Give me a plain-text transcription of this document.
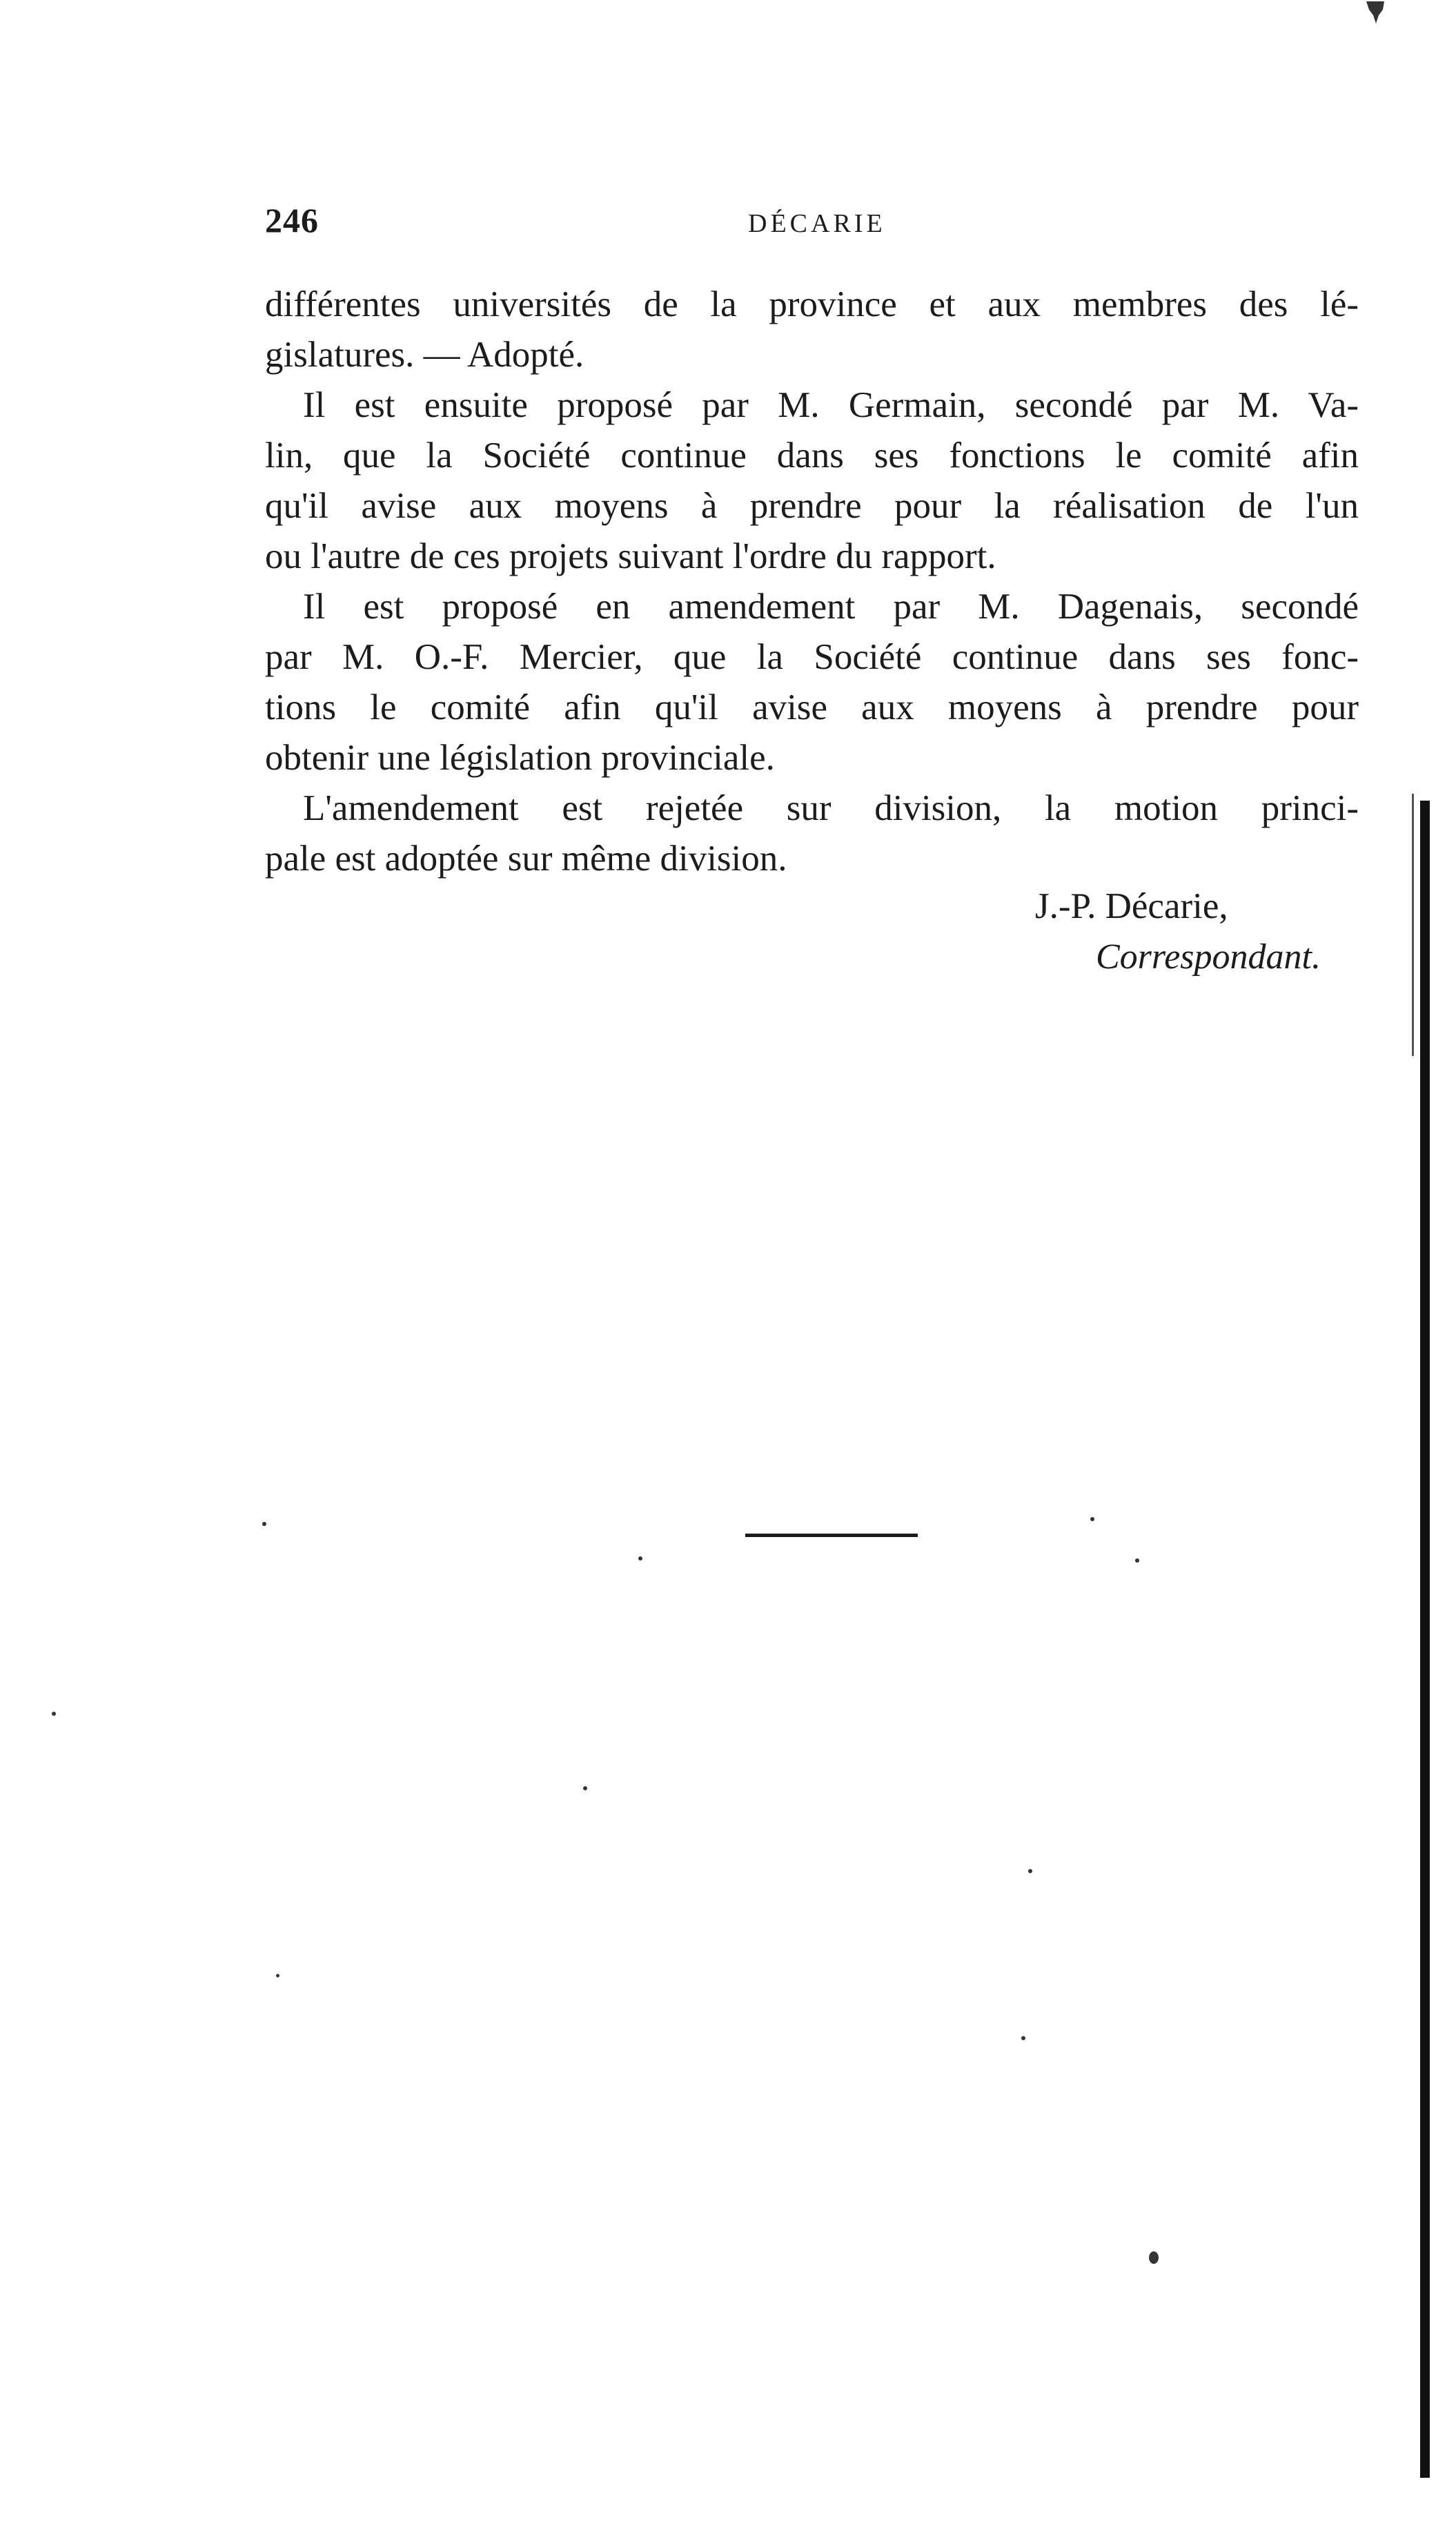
246	DÉCARIE
différentes universités de la province et aux membres des lé-
gislatures. — Adopté.
Il est ensuite proposé par M. Germain, secondé par M. Va-
lin, que la Société continue dans ses fonctions le comité afin
qu'il avise aux moyens à prendre pour la réalisation de l'un
ou l'autre de ces projets suivant l'ordre du rapport.
Il est proposé en amendement par M. Dagenais, secondé
par M. O.-F. Mercier, que la Société continue dans ses fonc-
tions le comité afin qu'il avise aux moyens à prendre pour
obtenir une législation provinciale.
L'amendement est rejetée sur division, la motion princi-
pale est adoptée sur même division.
J.-P. Décarie,
Correspondant.
